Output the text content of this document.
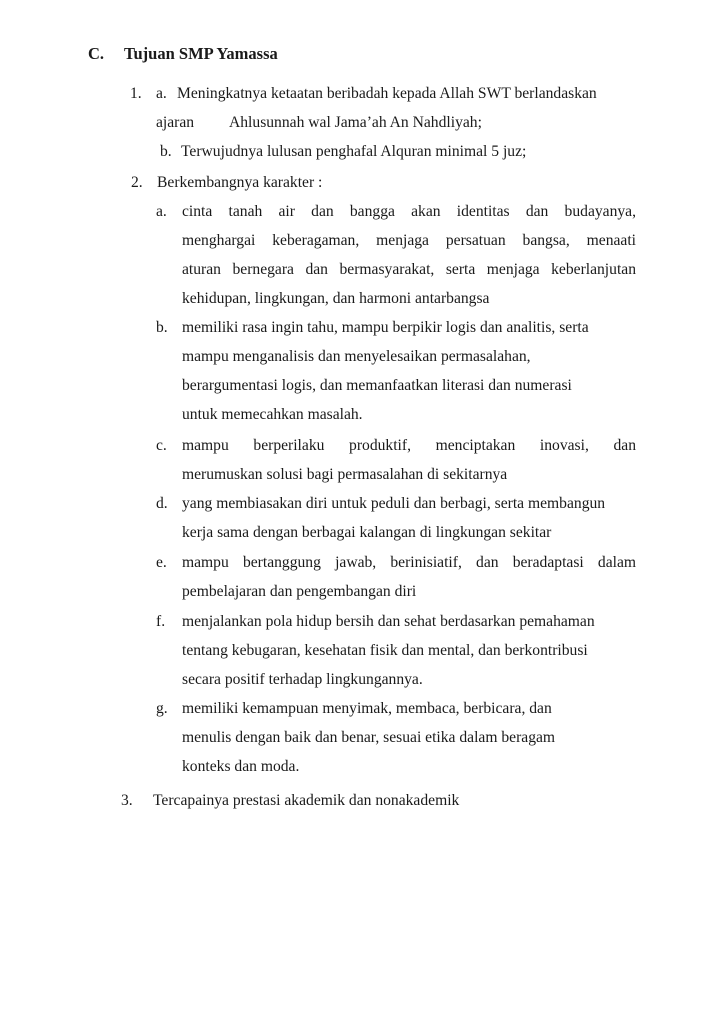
C. Tujuan SMP Yamassa
1. a. Meningkatnya ketaatan beribadah kepada Allah SWT berlandaskan
ajaran Ahlusunnah wal Jama’ah An Nahdliyah;
b. Terwujudnya lulusan penghafal Alquran minimal 5 juz;
2. Berkembangnya karakter :
a. cinta tanah air dan bangga akan identitas dan budayanya,
menghargai keberagaman, menjaga persatuan bangsa, menaati
aturan bernegara dan bermasyarakat, serta menjaga keberlanjutan
kehidupan, lingkungan, dan harmoni antarbangsa
b. memiliki rasa ingin tahu, mampu berpikir logis dan analitis, serta
mampu menganalisis dan menyelesaikan permasalahan,
berargumentasi logis, dan memanfaatkan literasi dan numerasi
untuk memecahkan masalah.
c. mampu berperilaku produktif, menciptakan inovasi, dan
merumuskan solusi bagi permasalahan di sekitarnya
d. yang membiasakan diri untuk peduli dan berbagi, serta membangun
kerja sama dengan berbagai kalangan di lingkungan sekitar
e. mampu bertanggung jawab, berinisiatif, dan beradaptasi dalam
pembelajaran dan pengembangan diri
f. menjalankan pola hidup bersih dan sehat berdasarkan pemahaman
tentang kebugaran, kesehatan fisik dan mental, dan berkontribusi
secara positif terhadap lingkungannya.
g. memiliki kemampuan menyimak, membaca, berbicara, dan
menulis dengan baik dan benar, sesuai etika dalam beragam
konteks dan moda.
3. Tercapainya prestasi akademik dan nonakademik
